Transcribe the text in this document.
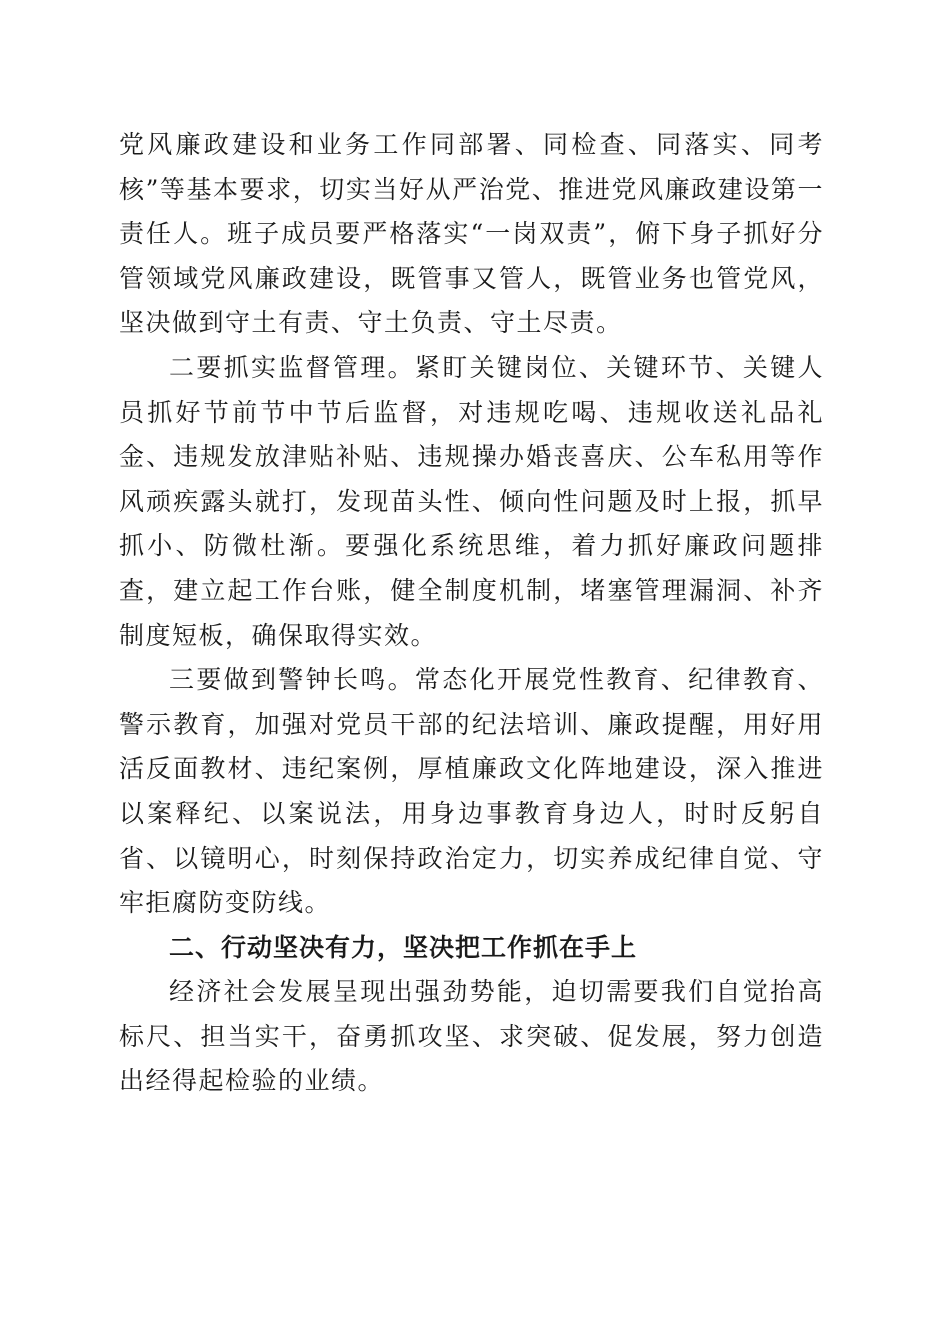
党风廉政建设和业务工作同部署、同检查、同落实、同考核”等基本要求，切实当好从严治党、推进党风廉政建设第一责任人。班子成员要严格落实“一岗双责”，俯下身子抓好分管领域党风廉政建设，既管事又管人，既管业务也管党风，坚决做到守土有责、守土负责、守土尽责。

二要抓实监督管理。紧盯关键岗位、关键环节、关键人员抓好节前节中节后监督，对违规吃喝、违规收送礼品礼金、违规发放津贴补贴、违规操办婚丧喜庆、公车私用等作风顽疾露头就打，发现苗头性、倾向性问题及时上报，抓早抓小、防微杜渐。要强化系统思维，着力抓好廉政问题排查，建立起工作台账，健全制度机制，堵塞管理漏洞、补齐制度短板，确保取得实效。

三要做到警钟长鸣。常态化开展党性教育、纪律教育、警示教育，加强对党员干部的纪法培训、廉政提醒，用好用活反面教材、违纪案例，厚植廉政文化阵地建设，深入推进以案释纪、以案说法，用身边事教育身边人，时时反躬自省、以镜明心，时刻保持政治定力，切实养成纪律自觉、守牢拒腐防变防线。

二、行动坚决有力，坚决把工作抓在手上

经济社会发展呈现出强劲势能，迫切需要我们自觉抬高标尺、担当实干，奋勇抓攻坚、求突破、促发展，努力创造出经得起检验的业绩。
